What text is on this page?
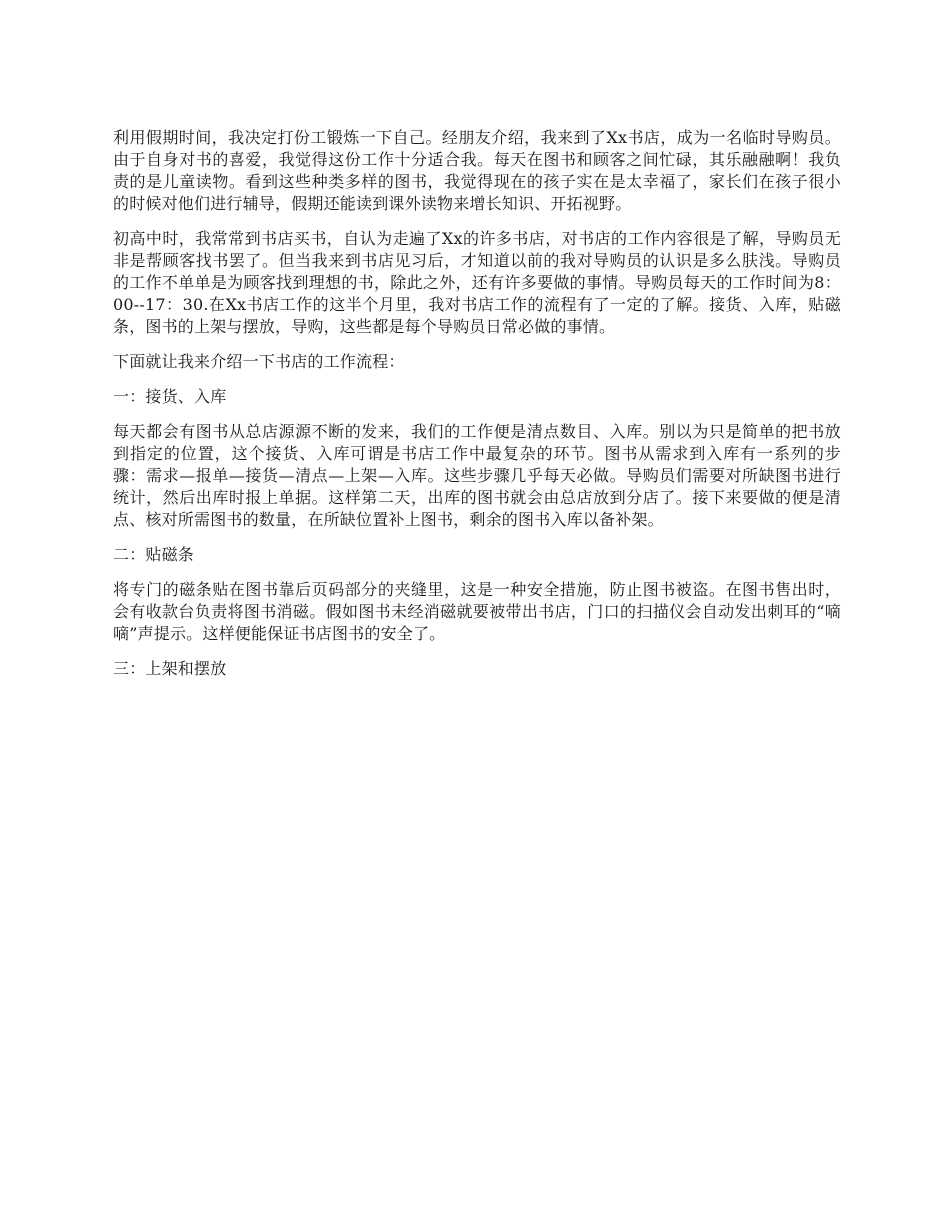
利用假期时间，我决定打份工锻炼一下自己。经朋友介绍，我来到了Xx书店，成为一名临时导购员。由于自身对书的喜爱，我觉得这份工作十分适合我。每天在图书和顾客之间忙碌，其乐融融啊！我负责的是儿童读物。看到这些种类多样的图书，我觉得现在的孩子实在是太幸福了，家长们在孩子很小的时候对他们进行辅导，假期还能读到课外读物来增长知识、开拓视野。

初高中时，我常常到书店买书，自认为走遍了Xx的许多书店，对书店的工作内容很是了解，导购员无非是帮顾客找书罢了。但当我来到书店见习后，才知道以前的我对导购员的认识是多么肤浅。导购员的工作不单单是为顾客找到理想的书，除此之外，还有许多要做的事情。导购员每天的工作时间为8：00--17：30.在Xx书店工作的这半个月里，我对书店工作的流程有了一定的了解。接货、入库，贴磁条，图书的上架与摆放，导购，这些都是每个导购员日常必做的事情。

下面就让我来介绍一下书店的工作流程：

一：接货、入库

每天都会有图书从总店源源不断的发来，我们的工作便是清点数目、入库。别以为只是简单的把书放到指定的位置，这个接货、入库可谓是书店工作中最复杂的环节。图书从需求到入库有一系列的步骤：需求—报单—接货—清点—上架—入库。这些步骤几乎每天必做。导购员们需要对所缺图书进行统计，然后出库时报上单据。这样第二天，出库的图书就会由总店放到分店了。接下来要做的便是清点、核对所需图书的数量，在所缺位置补上图书，剩余的图书入库以备补架。

二：贴磁条

将专门的磁条贴在图书靠后页码部分的夹缝里，这是一种安全措施，防止图书被盗。在图书售出时，会有收款台负责将图书消磁。假如图书未经消磁就要被带出书店，门口的扫描仪会自动发出刺耳的“嘀嘀”声提示。这样便能保证书店图书的安全了。

三：上架和摆放
